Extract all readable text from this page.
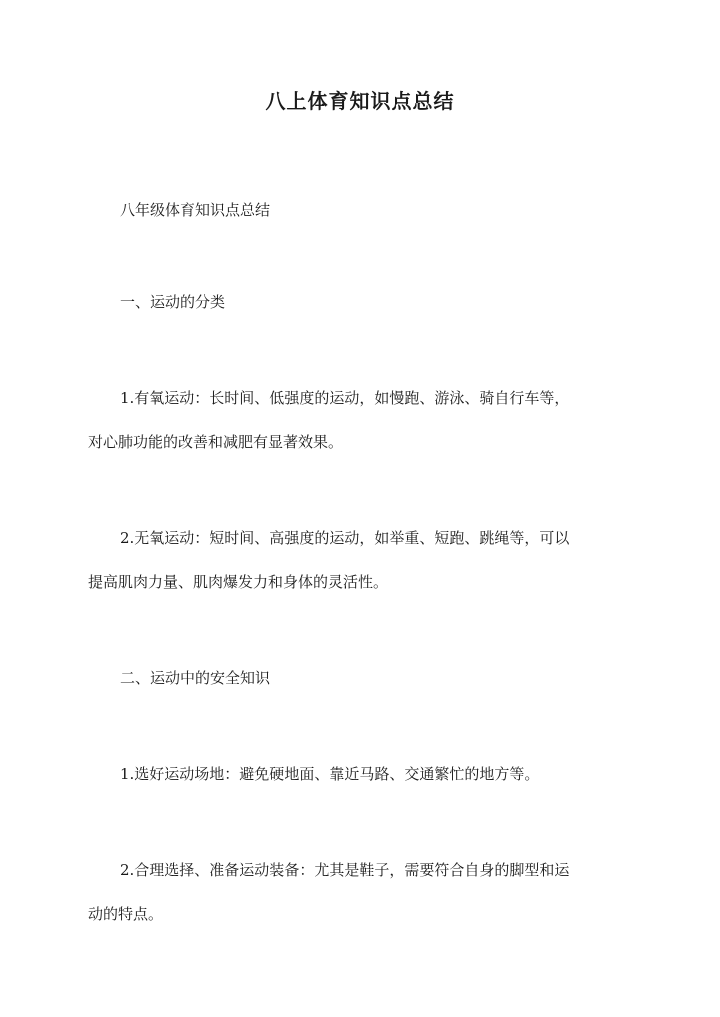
八上体育知识点总结

八年级体育知识点总结

一、运动的分类

1.有氧运动：长时间、低强度的运动，如慢跑、游泳、骑自行车等，

对心肺功能的改善和减肥有显著效果。

2.无氧运动：短时间、高强度的运动，如举重、短跑、跳绳等，可以

提高肌肉力量、肌肉爆发力和身体的灵活性。

二、运动中的安全知识

1.选好运动场地：避免硬地面、靠近马路、交通繁忙的地方等。

2.合理选择、准备运动装备：尤其是鞋子，需要符合自身的脚型和运

动的特点。
